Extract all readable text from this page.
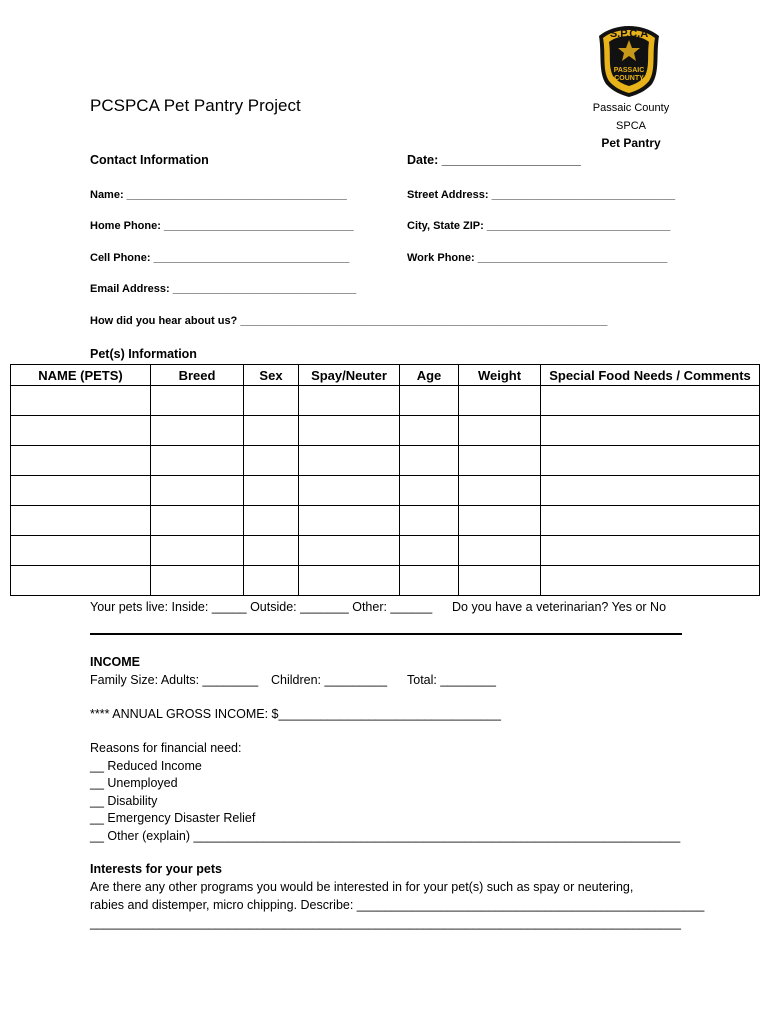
PCSPCA Pet Pantry Project
S.P.C.A
PASSAIC
COUNTY
Passaic County
SPCA
Pet Pantry
Contact Information	Date: ____________________
Name: ____________________________________	Street Address: ______________________________
Home Phone: _______________________________	City, State ZIP: ______________________________
Cell Phone: ________________________________	Work Phone: _______________________________
Email Address: ______________________________
How did you hear about us? ____________________________________________________________
Pet(s) Information
NAME (PETS)	Breed	Sex	Spay/Neuter	Age	Weight	Special Food Needs / Comments

Your pets live: Inside: _____ Outside: _______ Other: ______ Do you have a veterinarian? Yes or No
INCOME
Family Size: Adults: ________ Children: _________ Total: ________
**** ANNUAL GROSS INCOME: $________________________________
Reasons for financial need:
__ Reduced Income
__ Unemployed
__ Disability
__ Emergency Disaster Relief
__ Other (explain) ______________________________________________________________________
Interests for your pets
Are there any other programs you would be interested in for your pet(s) such as spay or neutering,
rabies and distemper, micro chipping. Describe: __________________________________________________
_____________________________________________________________________________________
